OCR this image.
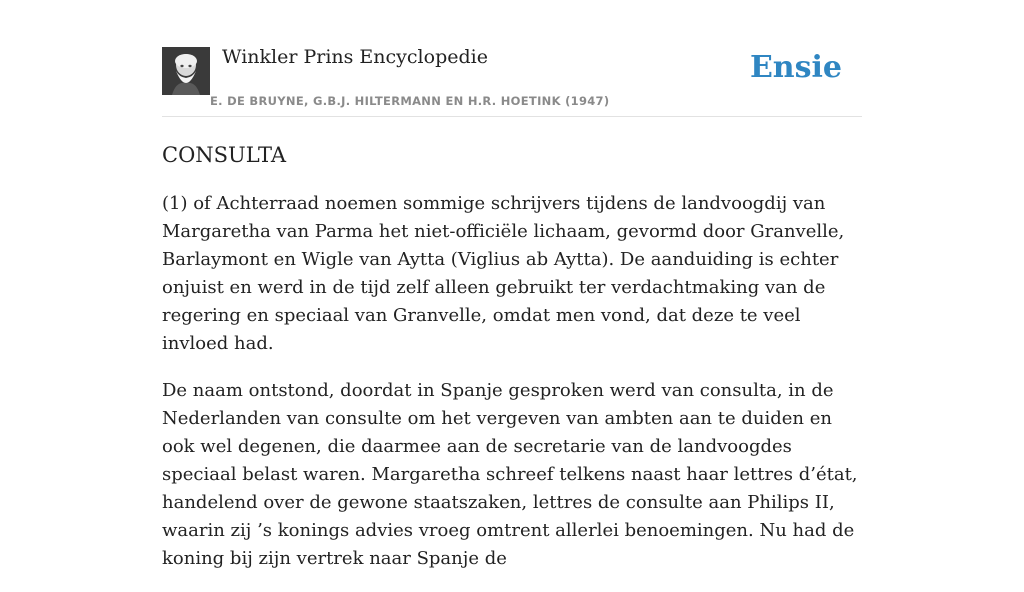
Winkler Prins Encyclopedie
E. DE BRUYNE, G.B.J. HILTERMANN EN H.R. HOETINK (1947)
Ensie
CONSULTA

(1) of Achterraad noemen sommige schrijvers tijdens de landvoogdij van Margaretha van Parma het niet-officiële lichaam, gevormd door Granvelle, Barlaymont en Wigle van Aytta (Viglius ab Aytta). De aanduiding is echter onjuist en werd in de tijd zelf alleen gebruikt ter verdachtmaking van de regering en speciaal van Granvelle, omdat men vond, dat deze te veel invloed had.

De naam ontstond, doordat in Spanje gesproken werd van consulta, in de Nederlanden van consulte om het vergeven van ambten aan te duiden en ook wel degenen, die daarmee aan de secretarie van de landvoogdes speciaal belast waren. Margaretha schreef telkens naast haar lettres d’état, handelend over de gewone staatszaken, lettres de consulte aan Philips II, waarin zij ’s konings advies vroeg omtrent allerlei benoemingen. Nu had de koning bij zijn vertrek naar Spanje de
